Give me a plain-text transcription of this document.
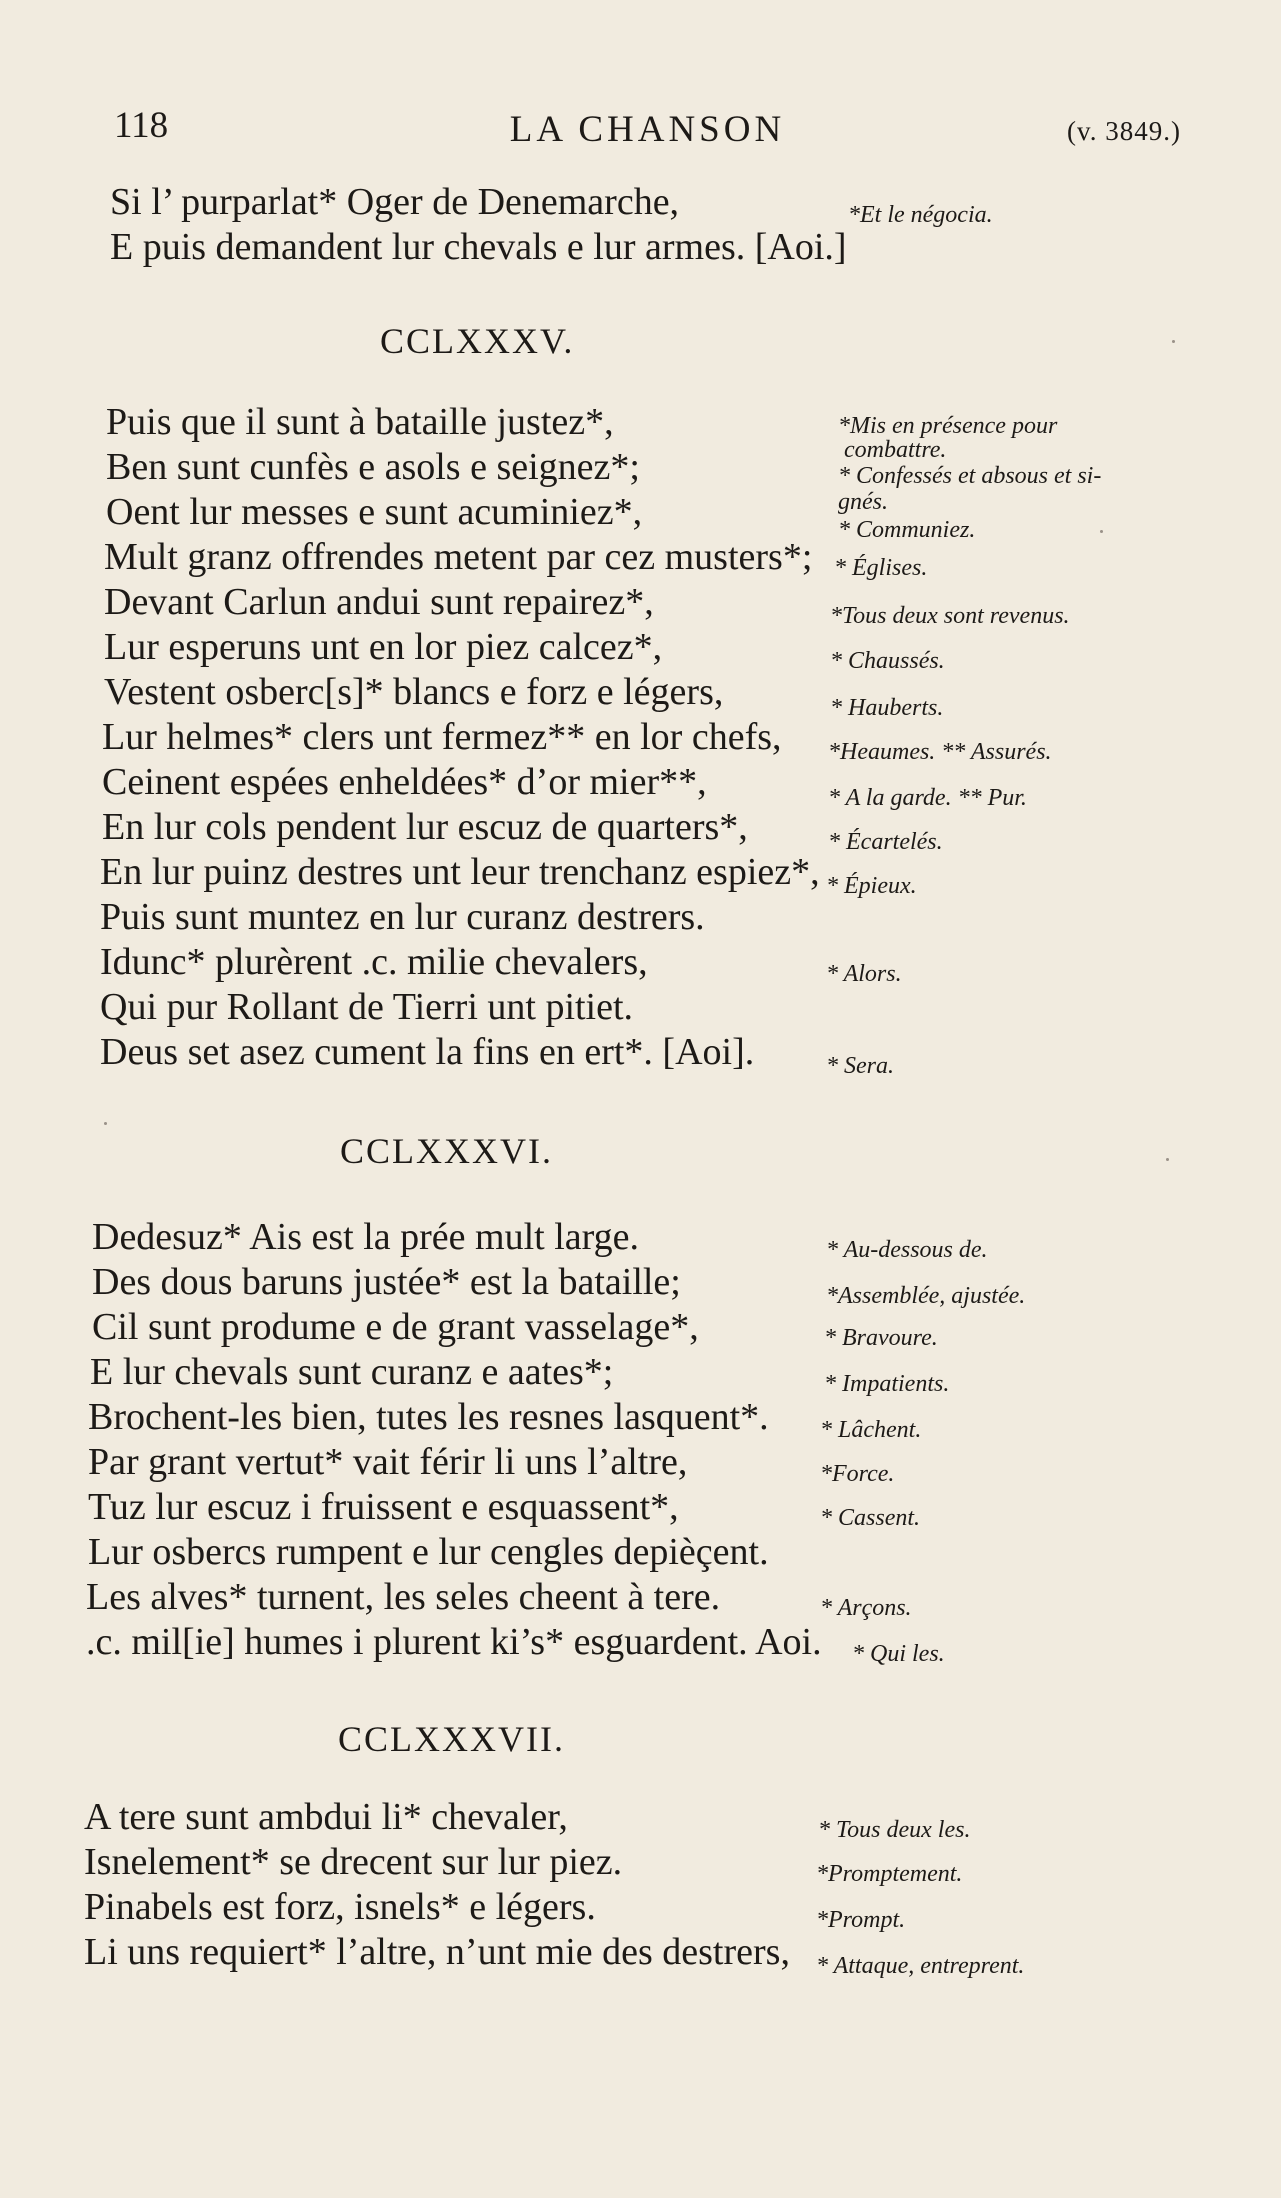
118	LA CHANSON	(v. 3849.)
Si l’ purparlat* Oger de Denemarche,	*Et le négocia.
E puis demandent lur chevals e lur armes. [Aoi.]
CCLXXXV.
Puis que il sunt à bataille justez*,
Ben sunt cunfès e asols e seignez*;
Oent lur messes e sunt acuminiez*,
Mult granz offrendes metent par cez musters*;
Devant Carlun andui sunt repairez*,
Lur esperuns unt en lor piez calcez*,
Vestent osberc[s]* blancs e forz e légers,
Lur helmes* clers unt fermez** en lor chefs,
Ceinent espées enheldées* d’or mier**,
En lur cols pendent lur escuz de quarters*,
En lur puinz destres unt leur trenchanz espiez*,
Puis sunt muntez en lur curanz destrers.
Idunc* plurèrent .c. milie chevalers,
Qui pur Rollant de Tierri unt pitiet.
Deus set asez cument la fins en ert*. [Aoi].
*Mis en présence pour
combattre.
* Confessés et absous et si-
gnés.
* Communiez.
* Églises.
*Tous deux sont revenus.
* Chaussés.
* Hauberts.
*Heaumes. ** Assurés.
* A la garde. ** Pur.
* Écartelés.
* Épieux.
* Alors.
* Sera.
CCLXXXVI.
Dedesuz* Ais est la prée mult large.
Des dous baruns justée* est la bataille;
Cil sunt produme e de grant vasselage*,
E lur chevals sunt curanz e aates*;
Brochent-les bien, tutes les resnes lasquent*.
Par grant vertut* vait férir li uns l’altre,
Tuz lur escuz i fruissent e esquassent*,
Lur osbercs rumpent e lur cengles depièçent.
Les alves* turnent, les seles cheent à tere.
.c. mil[ie] humes i plurent ki’s* esguardent. Aoi.
* Au-dessous de.
*Assemblée, ajustée.
* Bravoure.
* Impatients.
* Lâchent.
*Force.
* Cassent.
* Arçons.
* Qui les.
CCLXXXVII.
A tere sunt ambdui li* chevaler,
Isnelement* se drecent sur lur piez.
Pinabels est forz, isnels* e légers.
Li uns requiert* l’altre, n’unt mie des destrers,
* Tous deux les.
*Promptement.
*Prompt.
* Attaque, entreprent.
